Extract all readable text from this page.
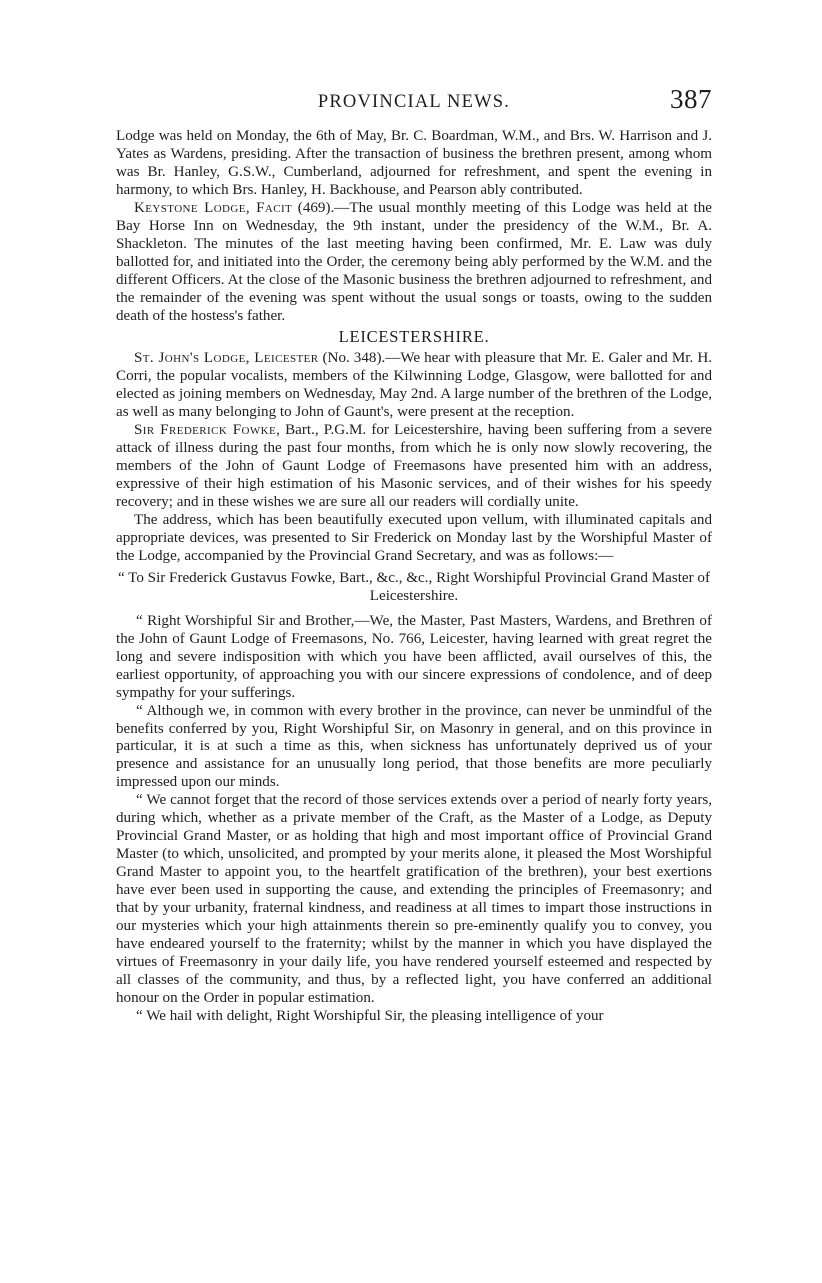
PROVINCIAL NEWS.	387

Lodge was held on Monday, the 6th of May, Br. C. Boardman, W.M., and Brs. W. Harrison and J. Yates as Wardens, presiding. After the transaction of business the brethren present, among whom was Br. Hanley, G.S.W., Cumberland, adjourned for refreshment, and spent the evening in harmony, to which Brs. Hanley, H. Backhouse, and Pearson ably contributed.

Keystone Lodge, Facit (469).—The usual monthly meeting of this Lodge was held at the Bay Horse Inn on Wednesday, the 9th instant, under the presidency of the W.M., Br. A. Shackleton. The minutes of the last meeting having been confirmed, Mr. E. Law was duly ballotted for, and initiated into the Order, the ceremony being ably performed by the W.M. and the different Officers. At the close of the Masonic business the brethren adjourned to refreshment, and the remainder of the evening was spent without the usual songs or toasts, owing to the sudden death of the hostess's father.

LEICESTERSHIRE.

St. John's Lodge, Leicester (No. 348).—We hear with pleasure that Mr. E. Galer and Mr. H. Corri, the popular vocalists, members of the Kilwinning Lodge, Glasgow, were ballotted for and elected as joining members on Wednesday, May 2nd. A large number of the brethren of the Lodge, as well as many belonging to John of Gaunt's, were present at the reception.

Sir Frederick Fowke, Bart., P.G.M. for Leicestershire, having been suffering from a severe attack of illness during the past four months, from which he is only now slowly recovering, the members of the John of Gaunt Lodge of Freemasons have presented him with an address, expressive of their high estimation of his Masonic services, and of their wishes for his speedy recovery; and in these wishes we are sure all our readers will cordially unite.

The address, which has been beautifully executed upon vellum, with illuminated capitals and appropriate devices, was presented to Sir Frederick on Monday last by the Worshipful Master of the Lodge, accompanied by the Provincial Grand Secretary, and was as follows:—

“ To Sir Frederick Gustavus Fowke, Bart., &c., &c., Right Worshipful Provincial Grand Master of Leicestershire.

“ Right Worshipful Sir and Brother,—We, the Master, Past Masters, Wardens, and Brethren of the John of Gaunt Lodge of Freemasons, No. 766, Leicester, having learned with great regret the long and severe indisposition with which you have been afflicted, avail ourselves of this, the earliest opportunity, of approaching you with our sincere expressions of condolence, and of deep sympathy for your sufferings.

“ Although we, in common with every brother in the province, can never be unmindful of the benefits conferred by you, Right Worshipful Sir, on Masonry in general, and on this province in particular, it is at such a time as this, when sickness has unfortunately deprived us of your presence and assistance for an unusually long period, that those benefits are more peculiarly impressed upon our minds.

“ We cannot forget that the record of those services extends over a period of nearly forty years, during which, whether as a private member of the Craft, as the Master of a Lodge, as Deputy Provincial Grand Master, or as holding that high and most important office of Provincial Grand Master (to which, unsolicited, and prompted by your merits alone, it pleased the Most Worshipful Grand Master to appoint you, to the heartfelt gratification of the brethren), your best exertions have ever been used in supporting the cause, and extending the principles of Freemasonry; and that by your urbanity, fraternal kindness, and readiness at all times to impart those instructions in our mysteries which your high attainments therein so pre-eminently qualify you to convey, you have endeared yourself to the fraternity; whilst by the manner in which you have displayed the virtues of Freemasonry in your daily life, you have rendered yourself esteemed and respected by all classes of the community, and thus, by a reflected light, you have conferred an additional honour on the Order in popular estimation.

“ We hail with delight, Right Worshipful Sir, the pleasing intelligence of your
